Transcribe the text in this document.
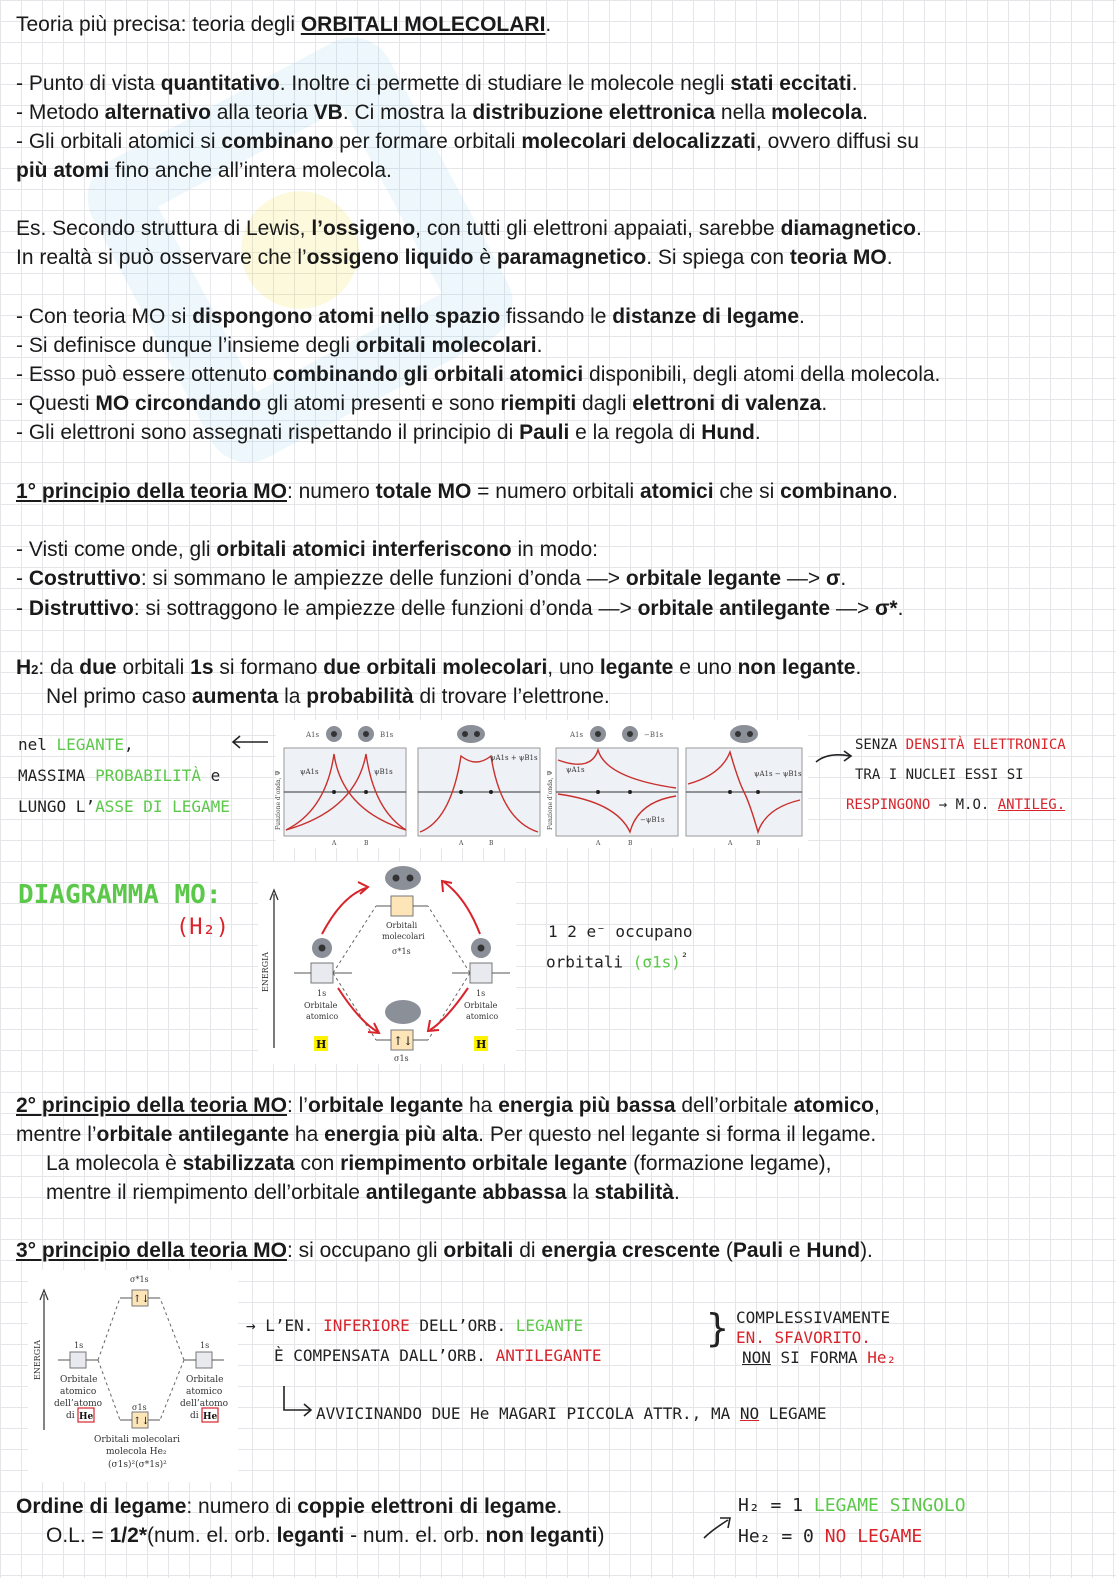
Teoria più precisa: teoria degli ORBITALI MOLECOLARI.
- Punto di vista quantitativo. Inoltre ci permette di studiare le molecole negli stati eccitati.
- Metodo alternativo alla teoria VB. Ci mostra la distribuzione elettronica nella molecola.
- Gli orbitali atomici si combinano per formare orbitali molecolari delocalizzati, ovvero diffusi su
più atomi fino anche all’intera molecola.
Es. Secondo struttura di Lewis, l’ossigeno, con tutti gli elettroni appaiati, sarebbe diamagnetico.
In realtà si può osservare che l’ossigeno liquido è paramagnetico. Si spiega con teoria MO.
- Con teoria MO si dispongono atomi nello spazio fissando le distanze di legame.
- Si definisce dunque l’insieme degli orbitali molecolari.
- Esso può essere ottenuto combinando gli orbitali atomici disponibili, degli atomi della molecola.
- Questi MO circondando gli atomi presenti e sono riempiti dagli elettroni di valenza.
- Gli elettroni sono assegnati rispettando il principio di Pauli e la regola di Hund.
1° principio della teoria MO: numero totale MO = numero orbitali atomici che si combinano.
- Visti come onde, gli orbitali atomici interferiscono in modo:
- Costruttivo: si sommano le ampiezze delle funzioni d’onda —> orbitale legante —> σ.
- Distruttivo: si sottraggono le ampiezze delle funzioni d’onda —> orbitale antilegante —> σ*.
H2: da due orbitali 1s si formano due orbitali molecolari, uno legante e uno non legante.
Nel primo caso aumenta la probabilità di trovare l’elettrone.
nel LEGANTE,
MASSIMA PROBABILITÀ e
LUNGO L’ASSE DI LEGAME
A1s	B1s
ψA1s	ψB1s
Funzione d’onda, Ψ
A	B
ψA1s + ψB1s
A	B
A1s	−B1s
ψA1s
−ψB1s
Funzione d’onda, Ψ
A	B
ψA1s − ψB1s
A	B
SENZA DENSITÀ ELETTRONICA
TRA I NUCLEI ESSI SI
RESPINGONO → M.O. ANTILEG.
DIAGRAMMA MO:
(H₂)
ENERGIA
Orbitali
molecolari
σ*1s
1s
Orbitale
atomico
H
1s
Orbitale
atomico
H
↑↓
σ1s
1 2 e⁻ occupano
orbitali $(\sigma 1s)^{^2}$
2° principio della teoria MO: l’orbitale legante ha energia più bassa dell’orbitale atomico,
mentre l’orbitale antilegante ha energia più alta. Per questo nel legante si forma il legame.
La molecola è stabilizzata con riempimento orbitale legante (formazione legame),
mentre il riempimento dell’orbitale antilegante abbassa la stabilità.
3° principio della teoria MO: si occupano gli orbitali di energia crescente (Pauli e Hund).
ENERGIA
σ*1s
↑↓
1s
Orbitale
atomico
dell’atomo
di He
1s
Orbitale
atomico
dell’atomo
di He
σ1s
↑↓
Orbitali molecolari
molecola He₂
(σ1s)²(σ*1s)²
→ L’EN. INFERIORE DELL’ORB. LEGANTE
È COMPENSATA DALL’ORB. ANTILEGANTE
} COMPLESSIVAMENTE
EN. SFAVORITO.
NON SI FORMA He₂
AVVICINANDO DUE He MAGARI PICCOLA ATTR., MA NO LEGAME
Ordine di legame: numero di coppie elettroni di legame.
O.L. = 1/2*(num. el. orb. leganti - num. el. orb. non leganti)
H₂ = 1 LEGAME SINGOLO
He₂ = 0 NO LEGAME
